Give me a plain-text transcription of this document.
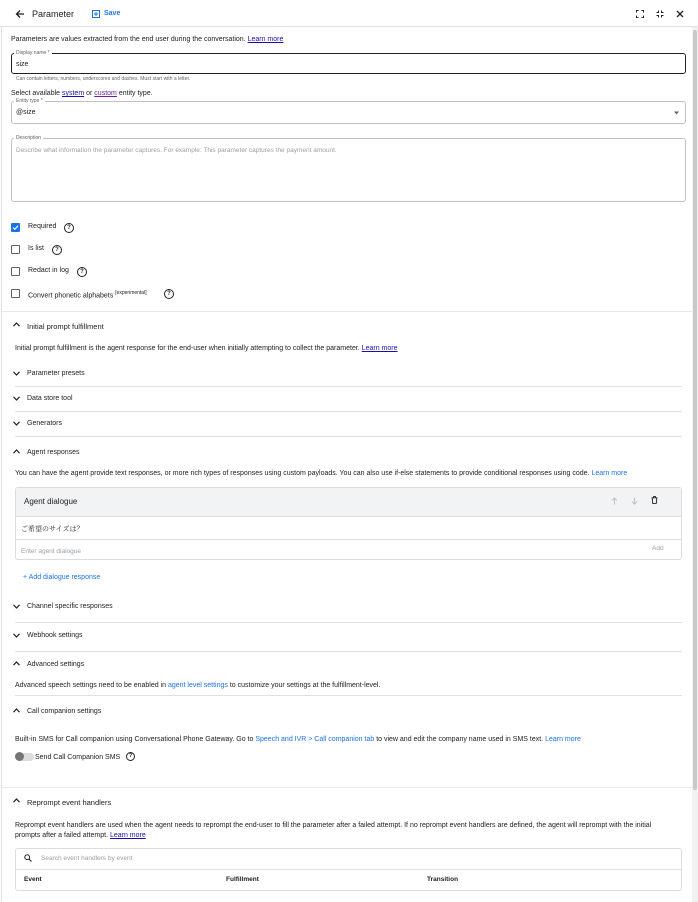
Parameter	Save
Parameters are values extracted from the end user during the conversation. Learn more
Display name *
size
Can contain letters, numbers, underscores and dashes. Must start with a letter.
Select available system or custom entity type.
Entity type *
@size
Description
Describe what information the parameter captures. For example: This parameter captures the payment amount.
Required	?
Is list	?
Redact in log	?
Convert phonetic alphabets [experimental]	?
Initial prompt fulfillment
Initial prompt fulfillment is the agent response for the end-user when initially attempting to collect the parameter. Learn more
Parameter presets
Data store tool
Generators
Agent responses
You can have the agent provide text responses, or more rich types of responses using custom payloads. You can also use if-else statements to provide conditional responses using code. Learn more
Agent dialogue
ご希望のサイズは？
Enter agent dialogue	Add
+ Add dialogue response
Channel specific responses
Webhook settings
Advanced settings
Advanced speech settings need to be enabled in agent level settings to customize your settings at the fulfillment-level.
Call companion settings
Built-in SMS for Call companion using Conversational Phone Gateway. Go to Speech and IVR > Call companion tab to view and edit the company name used in SMS text. Learn more
Send Call Companion SMS	?
Reprompt event handlers
Reprompt event handlers are used when the agent needs to reprompt the end-user to fill the parameter after a failed attempt. If no reprompt event handlers are defined, the agent will reprompt with the initial
prompts after a failed attempt. Learn more
Search event handlers by event
Event	Fulfillment	Transition
